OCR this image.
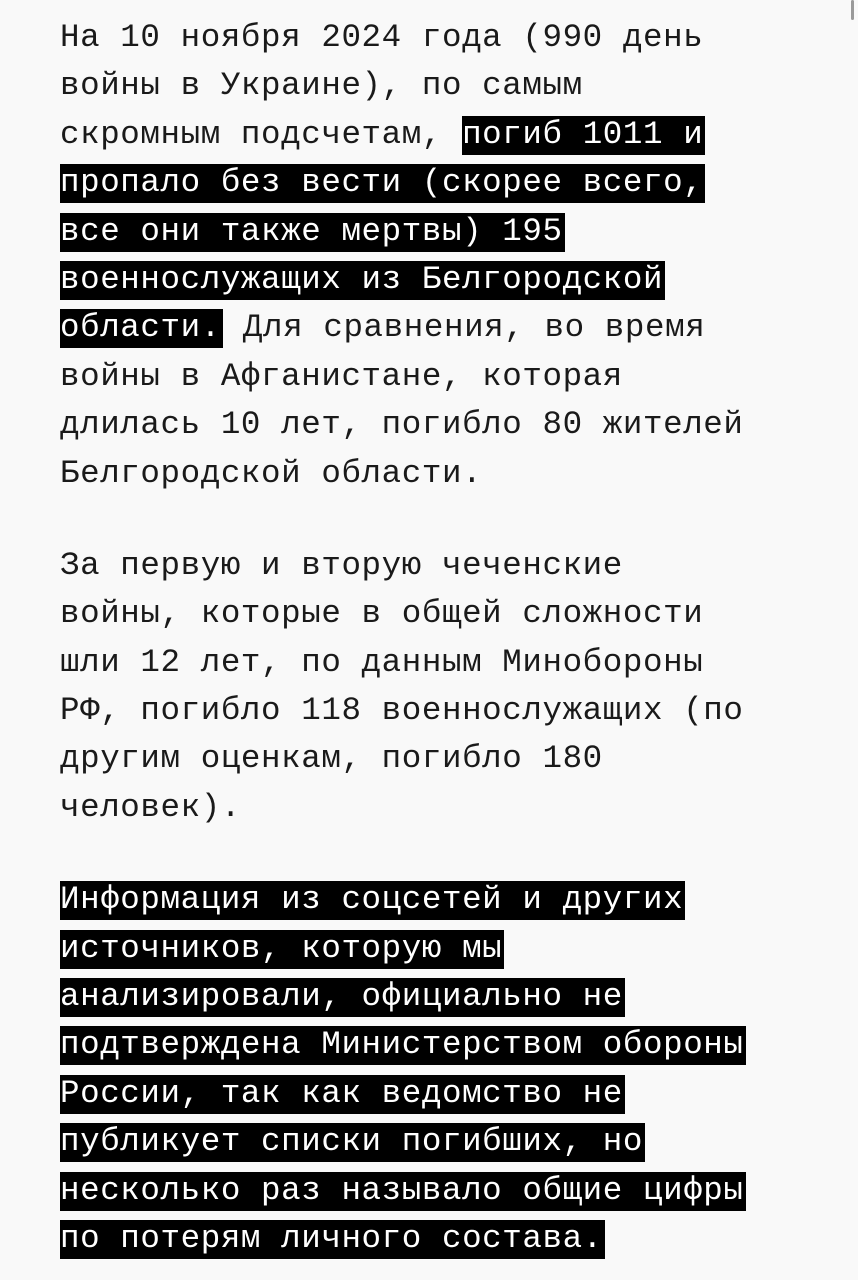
На 10 ноября 2024 года (990 день
войны в Украине), по самым
скромным подсчетам, погиб 1011 и
пропало без вести (скорее всего,
все они также мертвы) 195
военнослужащих из Белгородской
области. Для сравнения, во время
войны в Афганистане, которая
длилась 10 лет, погибло 80 жителей
Белгородской области.
За первую и вторую чеченские
войны, которые в общей сложности
шли 12 лет, по данным Минобороны
РФ, погибло 118 военнослужащих (по
другим оценкам, погибло 180
человек).
Информация из соцсетей и других
источников, которую мы
анализировали, официально не
подтверждена Министерством обороны
России, так как ведомство не
публикует списки погибших, но
несколько раз называло общие цифры
по потерям личного состава.
